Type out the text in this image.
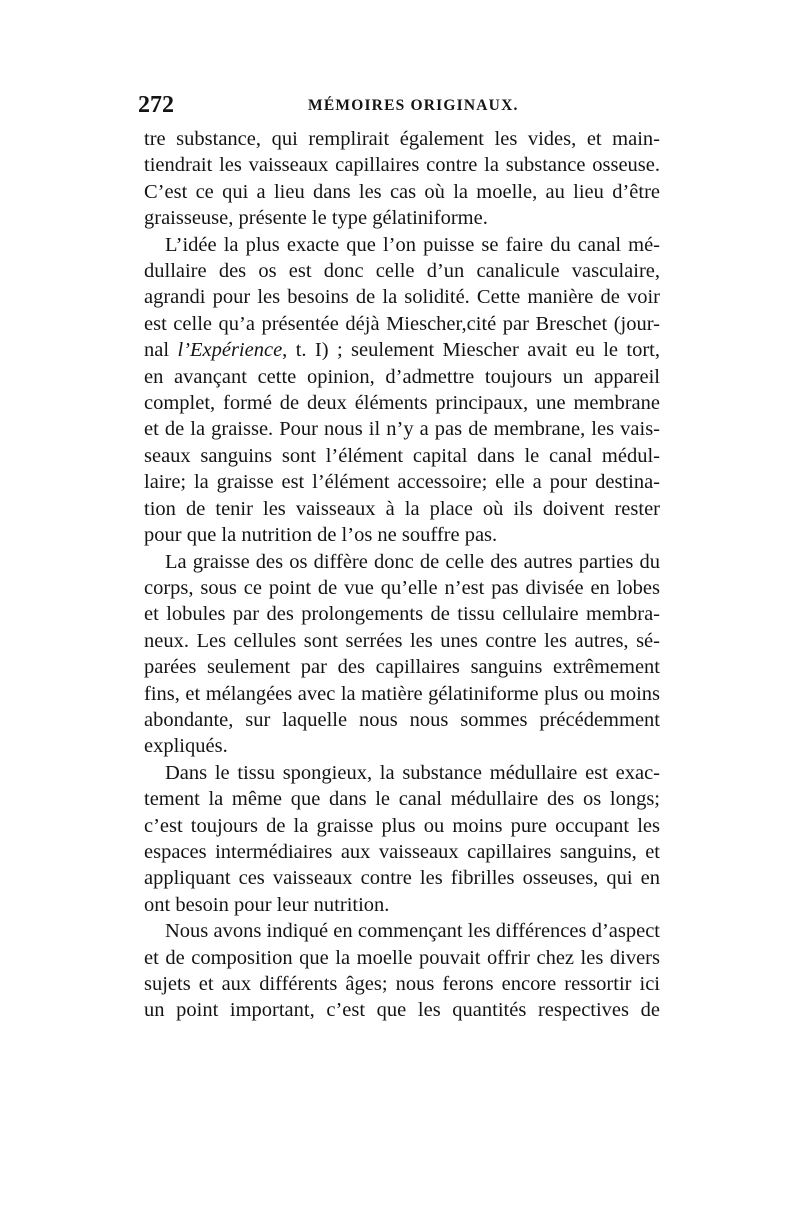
272	MÉMOIRES ORIGINAUX.
tre substance, qui remplirait également les vides, et main-
tiendrait les vaisseaux capillaires contre la substance osseuse.
C’est ce qui a lieu dans les cas où la moelle, au lieu d’être
graisseuse, présente le type gélatiniforme.
L’idée la plus exacte que l’on puisse se faire du canal mé-
dullaire des os est donc celle d’un canalicule vasculaire,
agrandi pour les besoins de la solidité. Cette manière de voir
est celle qu’a présentée déjà Miescher,cité par Breschet (jour-
nal l’Expérience, t. I) ; seulement Miescher avait eu le tort,
en avançant cette opinion, d’admettre toujours un appareil
complet, formé de deux éléments principaux, une membrane
et de la graisse. Pour nous il n’y a pas de membrane, les vais-
seaux sanguins sont l’élément capital dans le canal médul-
laire; la graisse est l’élément accessoire; elle a pour destina-
tion de tenir les vaisseaux à la place où ils doivent rester
pour que la nutrition de l’os ne souffre pas.
La graisse des os diffère donc de celle des autres parties du
corps, sous ce point de vue qu’elle n’est pas divisée en lobes
et lobules par des prolongements de tissu cellulaire membra-
neux. Les cellules sont serrées les unes contre les autres, sé-
parées seulement par des capillaires sanguins extrêmement
fins, et mélangées avec la matière gélatiniforme plus ou moins
abondante, sur laquelle nous nous sommes précédemment
expliqués.
Dans le tissu spongieux, la substance médullaire est exac-
tement la même que dans le canal médullaire des os longs;
c’est toujours de la graisse plus ou moins pure occupant les
espaces intermédiaires aux vaisseaux capillaires sanguins, et
appliquant ces vaisseaux contre les fibrilles osseuses, qui en
ont besoin pour leur nutrition.
Nous avons indiqué en commençant les différences d’aspect
et de composition que la moelle pouvait offrir chez les divers
sujets et aux différents âges; nous ferons encore ressortir ici
un point important, c’est que les quantités respectives de
